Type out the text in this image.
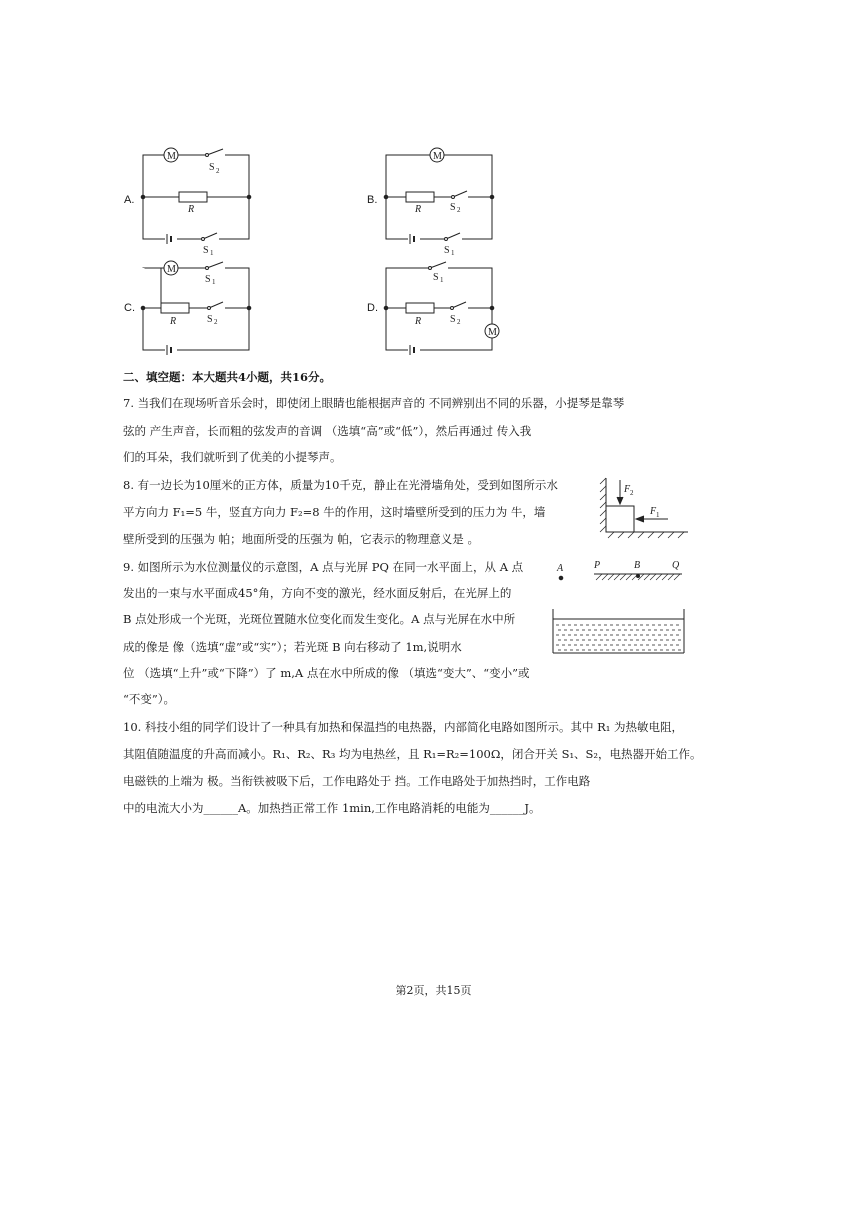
A.	B.
C.	D.
M
S 2
R
S 1
M
R	S 2
S 1
M
S 1
R	S 2
S 1
R	S 2
M
二、填空题：本大题共4小题，共16分。
7. 当我们在现场听音乐会时，即使闭上眼睛也能根据声音的 不同辨别出不同的乐器，小提琴是靠琴
弦的 产生声音，长而粗的弦发声的音调 （选填“高”或“低”），然后再通过 传入我
们的耳朵，我们就听到了优美的小提琴声。
8. 有一边长为10厘米的正方体，质量为10千克，静止在光滑墙角处，受到如图所示水
平方向力 F₁=5 牛，竖直方向力 F₂=8 牛的作用，这时墙壁所受到的压力为 牛，墙
壁所受到的压强为 帕；地面所受的压强为 帕，它表示的物理意义是 。
F 2
F 1
9. 如图所示为水位测量仪的示意图，A 点与光屏 PQ 在同一水平面上，从 A 点
发出的一束与水平面成45°角，方向不变的激光，经水面反射后，在光屏上的
B 点处形成一个光斑，光斑位置随水位变化而发生变化。A 点与光屏在水中所
成的像是 像（选填“虚”或“实”）；若光斑 B 向右移动了 1m,说明水
位 （选填“上升”或“下降”）了 m,A 点在水中所成的像 （填选“变大”、“变小”或
“不变”）。
A	P	B	Q
10. 科技小组的同学们设计了一种具有加热和保温挡的电热器，内部简化电路如图所示。其中 R₁ 为热敏电阻，
其阻值随温度的升高而减小。R₁、R₂、R₃ 均为电热丝，且 R₁=R₂=100Ω，闭合开关 S₁、S₂，电热器开始工作。
电磁铁的上端为 极。当衔铁被吸下后，工作电路处于 挡。工作电路处于加热挡时，工作电路
中的电流大小为______A。加热挡正常工作 1min,工作电路消耗的电能为______J。
第2页，共15页
